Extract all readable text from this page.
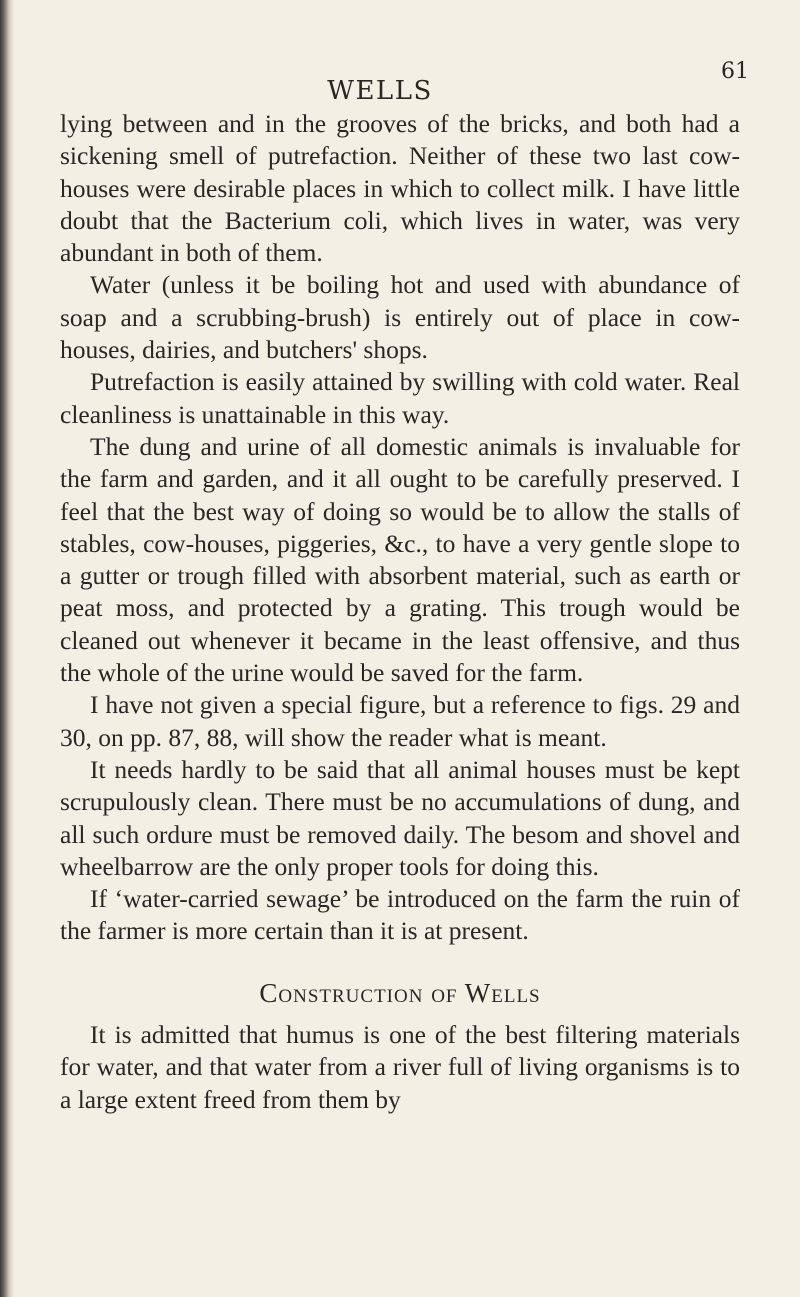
WELLS
61

lying between and in the grooves of the bricks, and both had a sickening smell of putrefaction. Neither of these two last cow-houses were desirable places in which to collect milk. I have little doubt that the Bacterium coli, which lives in water, was very abundant in both of them.

Water (unless it be boiling hot and used with abundance of soap and a scrubbing-brush) is entirely out of place in cow-houses, dairies, and butchers' shops.

Putrefaction is easily attained by swilling with cold water. Real cleanliness is unattainable in this way.

The dung and urine of all domestic animals is invaluable for the farm and garden, and it all ought to be carefully preserved. I feel that the best way of doing so would be to allow the stalls of stables, cow-houses, piggeries, &c., to have a very gentle slope to a gutter or trough filled with absorbent material, such as earth or peat moss, and protected by a grating. This trough would be cleaned out whenever it became in the least offensive, and thus the whole of the urine would be saved for the farm.

I have not given a special figure, but a reference to figs. 29 and 30, on pp. 87, 88, will show the reader what is meant.

It needs hardly to be said that all animal houses must be kept scrupulously clean. There must be no accumulations of dung, and all such ordure must be removed daily. The besom and shovel and wheelbarrow are the only proper tools for doing this.

If ‘water-carried sewage’ be introduced on the farm the ruin of the farmer is more certain than it is at present.

Construction of Wells

It is admitted that humus is one of the best filtering materials for water, and that water from a river full of living organisms is to a large extent freed from them by
